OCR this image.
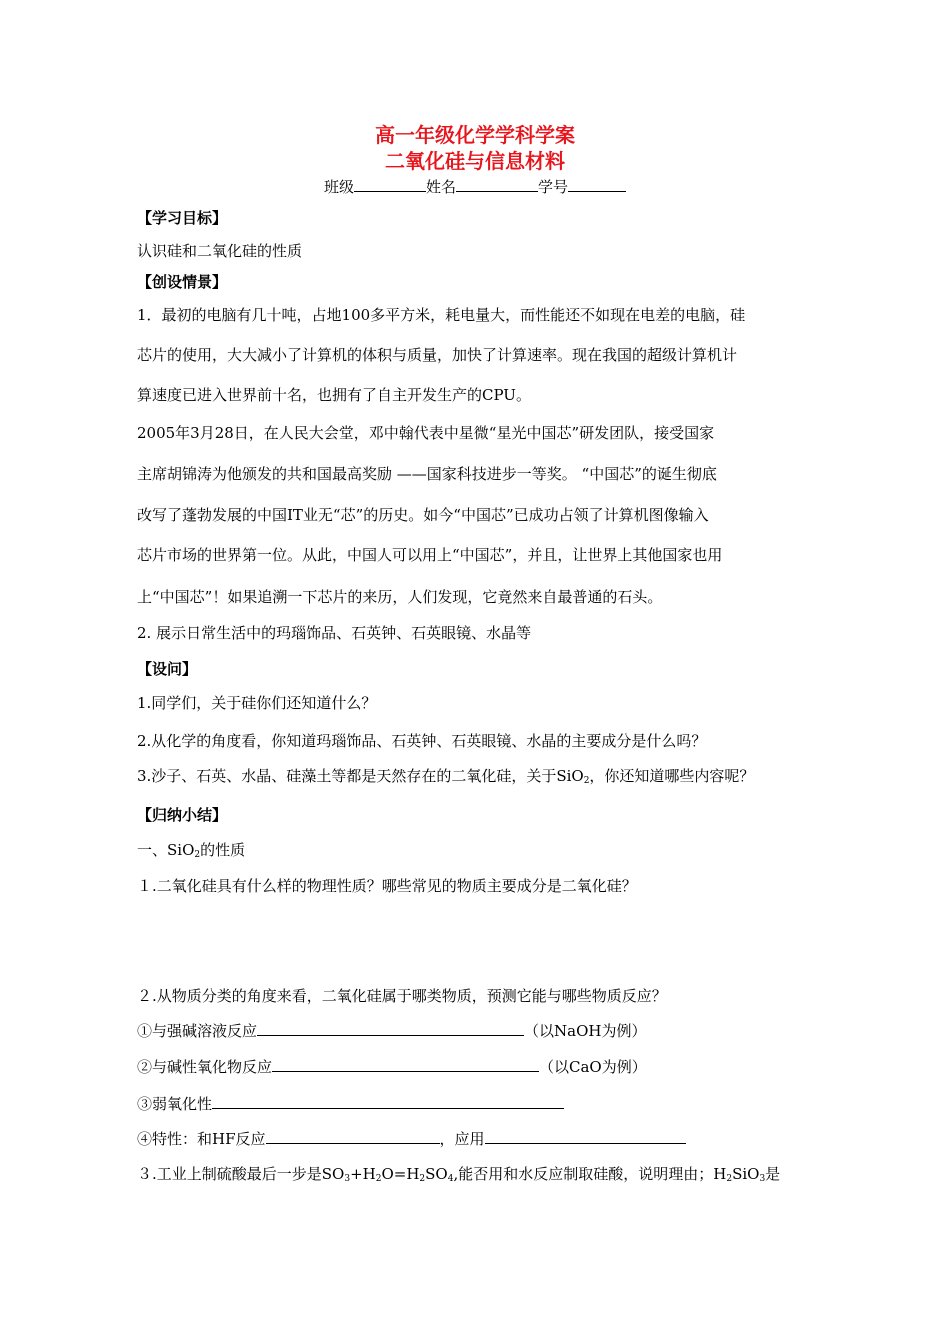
高一年级化学学科学案
二氧化硅与信息材料
班级	姓名	学号
【学习目标】
认识硅和二氧化硅的性质
【创设情景】
1．最初的电脑有几十吨，占地100多平方米，耗电量大，而性能还不如现在电差的电脑，硅
芯片的使用，大大减小了计算机的体积与质量，加快了计算速率。现在我国的超级计算机计
算速度已进入世界前十名，也拥有了自主开发生产的CPU。
2005年3月28日，在人民大会堂，邓中翰代表中星微“星光中国芯”研发团队，接受国家
主席胡锦涛为他颁发的共和国最高奖励 ——国家科技进步一等奖。 “中国芯”的诞生彻底
改写了蓬勃发展的中国IT业无“芯”的历史。如今“中国芯”已成功占领了计算机图像输入
芯片市场的世界第一位。从此，中国人可以用上“中国芯”，并且，让世界上其他国家也用
上“中国芯”！如果追溯一下芯片的来历，人们发现，它竟然来自最普通的石头。
2. 展示日常生活中的玛瑙饰品、石英钟、石英眼镜、水晶等
【设问】
1.同学们，关于硅你们还知道什么？
2.从化学的角度看，你知道玛瑙饰品、石英钟、石英眼镜、水晶的主要成分是什么吗？
3.沙子、石英、水晶、硅藻土等都是天然存在的二氧化硅，关于SiO$_2$，你还知道哪些内容呢？
【归纳小结】
一、SiO$_2$的性质
１.二氧化硅具有什么样的物理性质？哪些常见的物质主要成分是二氧化硅？
２.从物质分类的角度来看，二氧化硅属于哪类物质，预测它能与哪些物质反应？
①与强碱溶液反应	（以NaOH为例）
②与碱性氧化物反应	（以CaO为例）
③弱氧化性
④特性：和HF反应	，应用
３.工业上制硫酸最后一步是$SO_3+H_2O=H_2SO_4$,能否用和水反应制取硅酸，说明理由；$H_2SiO_3$是
